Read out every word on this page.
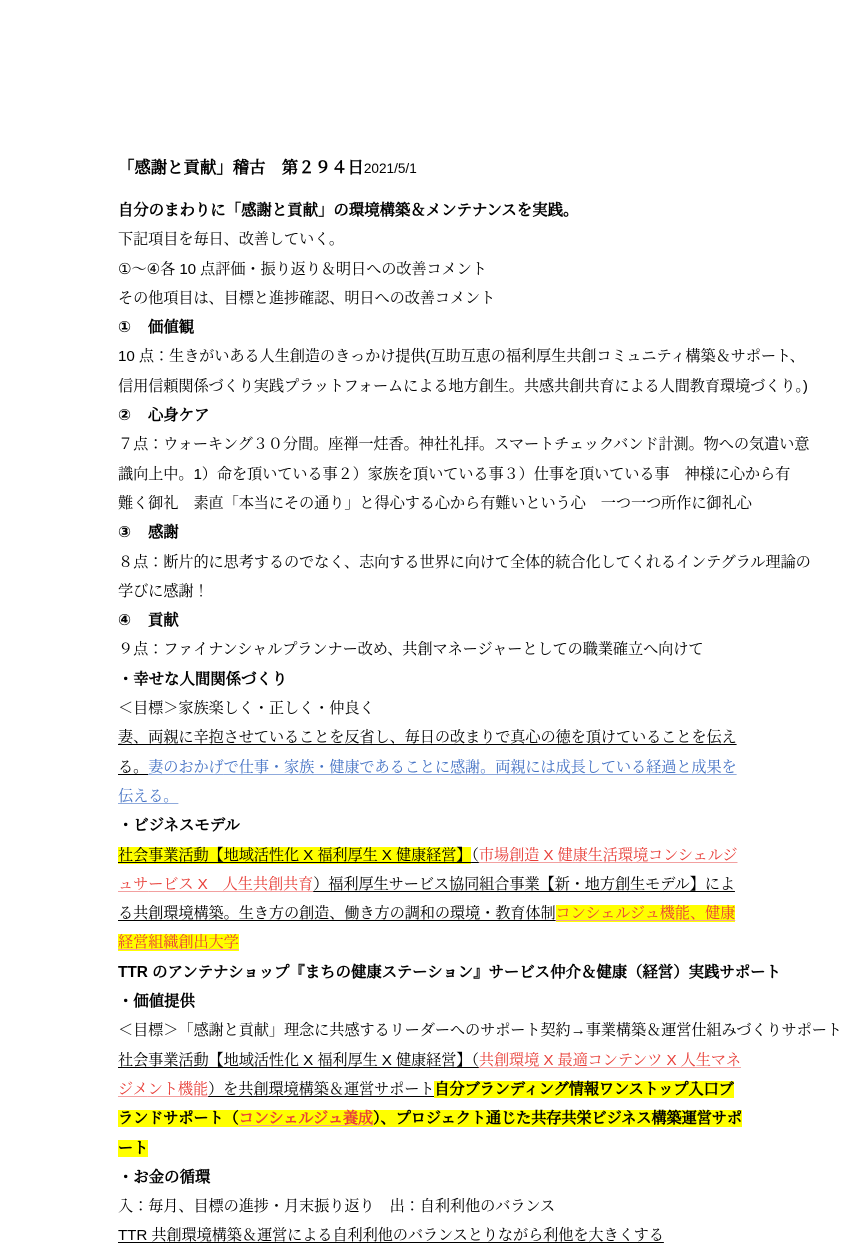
「感謝と貢献」稽古　第２９４日2021/5/1
自分のまわりに「感謝と貢献」の環境構築＆メンテナンスを実践。
下記項目を毎日、改善していく。
①〜④各 10 点評価・振り返り＆明日への改善コメント
その他項目は、目標と進捗確認、明日への改善コメント
① 価値観
10 点：生きがいある人生創造のきっかけ提供(互助互恵の福利厚生共創コミュニティ構築＆サポート、
信用信頼関係づくり実践プラットフォームによる地方創生。共感共創共育による人間教育環境づくり。)
② 心身ケア
７点：ウォーキング３０分間。座禅一炷香。神社礼拝。スマートチェックバンド計測。物への気遣い意
識向上中。1）命を頂いている事２）家族を頂いている事３）仕事を頂いている事　神様に心から有
難く御礼　素直「本当にその通り」と得心する心から有難いという心　一つ一つ所作に御礼心
③ 感謝
８点：断片的に思考するのでなく、志向する世界に向けて全体的統合化してくれるインテグラル理論の
学びに感謝！
④ 貢献
９点：ファイナンシャルプランナー改め、共創マネージャーとしての職業確立へ向けて
・幸せな人間関係づくり
＜目標＞家族楽しく・正しく・仲良く
妻、両親に辛抱させていることを反省し、毎日の改まりで真心の徳を頂けていることを伝える。妻のおかげで仕事・家族・健康であることに感謝。両親には成長している経過と成果を伝える。
・ビジネスモデル
社会事業活動【地域活性化 X 福利厚生 X 健康経営】（市場創造 X 健康生活環境コンシェルジュサービス X　人生共創共育）福利厚生サービス協同組合事業【新・地方創生モデル】による共創環境構築。生き方の創造、働き方の調和の環境・教育体制コンシェルジュ機能、健康経営組織創出大学
TTR のアンテナショップ『まちの健康ステーション』サービス仲介＆健康（経営）実践サポート
・価値提供
＜目標＞「感謝と貢献」理念に共感するリーダーへのサポート契約→事業構築＆運営仕組みづくりサポート
社会事業活動【地域活性化 X 福利厚生 X 健康経営】（共創環境 X 最適コンテンツ X 人生マネジメント機能）を共創環境構築＆運営サポート自分ブランディング情報ワンストップ入口ブランドサポート（コンシェルジュ養成）、プロジェクト通じた共存共栄ビジネス構築運営サポート
・お金の循環
入：毎月、目標の進捗・月末振り返り　出：自利利他のバランス
TTR 共創環境構築＆運営による自利利他のバランスとりながら利他を大きくする
